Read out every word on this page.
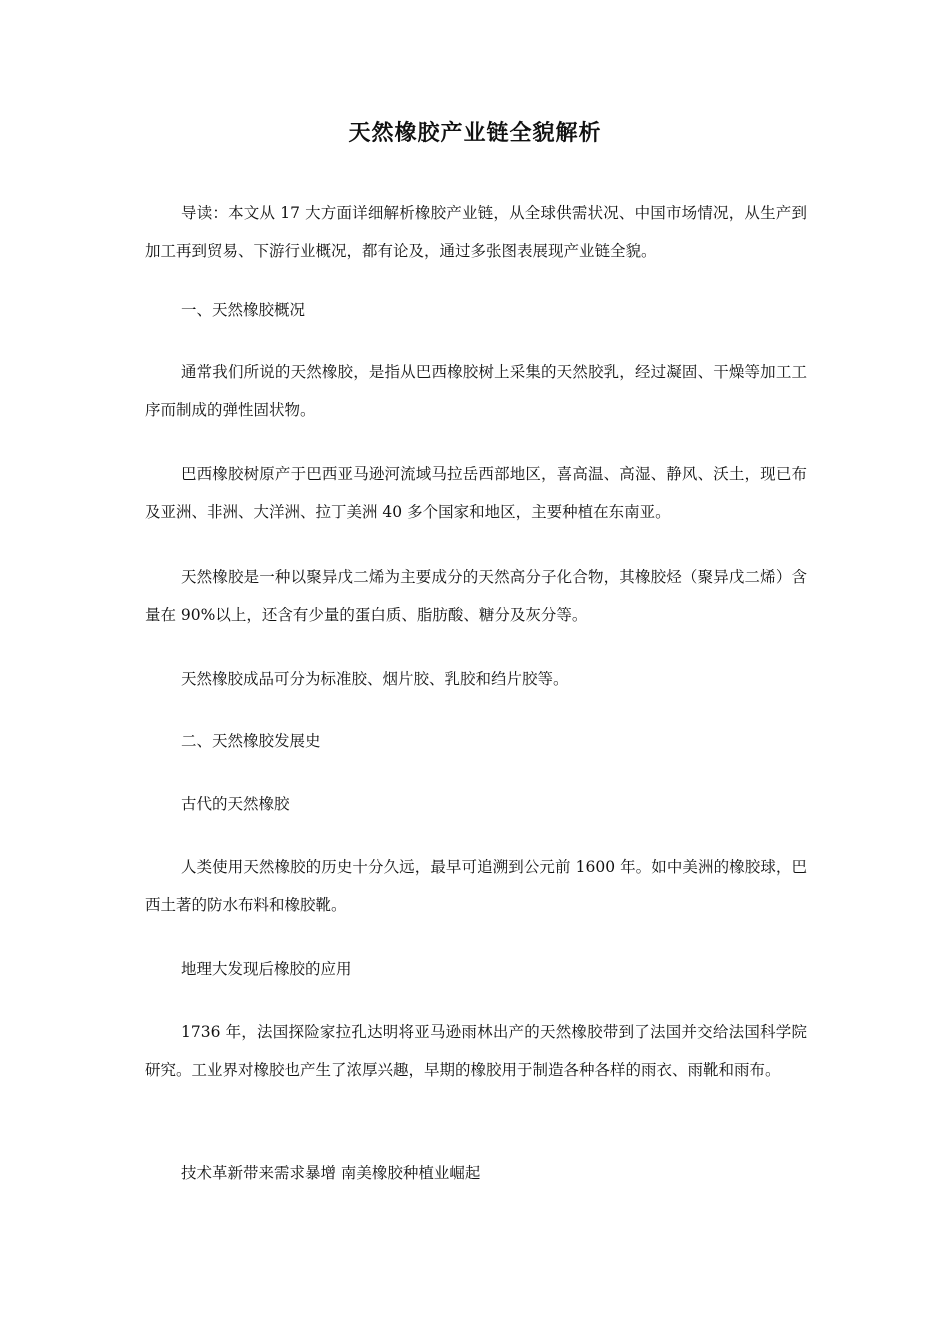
天然橡胶产业链全貌解析

导读：本文从 17 大方面详细解析橡胶产业链，从全球供需状况、中国市场情况，从生产到加工再到贸易、下游行业概况，都有论及，通过多张图表展现产业链全貌。

一、天然橡胶概况

通常我们所说的天然橡胶，是指从巴西橡胶树上采集的天然胶乳，经过凝固、干燥等加工工序而制成的弹性固状物。

巴西橡胶树原产于巴西亚马逊河流域马拉岳西部地区，喜高温、高湿、静风、沃土，现已布及亚洲、非洲、大洋洲、拉丁美洲 40 多个国家和地区，主要种植在东南亚。

天然橡胶是一种以聚异戊二烯为主要成分的天然高分子化合物，其橡胶烃（聚异戊二烯）含量在 90%以上，还含有少量的蛋白质、脂肪酸、糖分及灰分等。

天然橡胶成品可分为标准胶、烟片胶、乳胶和绉片胶等。

二、天然橡胶发展史

古代的天然橡胶

人类使用天然橡胶的历史十分久远，最早可追溯到公元前 1600 年。如中美洲的橡胶球，巴西土著的防水布料和橡胶靴。

地理大发现后橡胶的应用

1736 年，法国探险家拉孔达明将亚马逊雨林出产的天然橡胶带到了法国并交给法国科学院研究。工业界对橡胶也产生了浓厚兴趣，早期的橡胶用于制造各种各样的雨衣、雨靴和雨布。

技术革新带来需求暴增 南美橡胶种植业崛起
